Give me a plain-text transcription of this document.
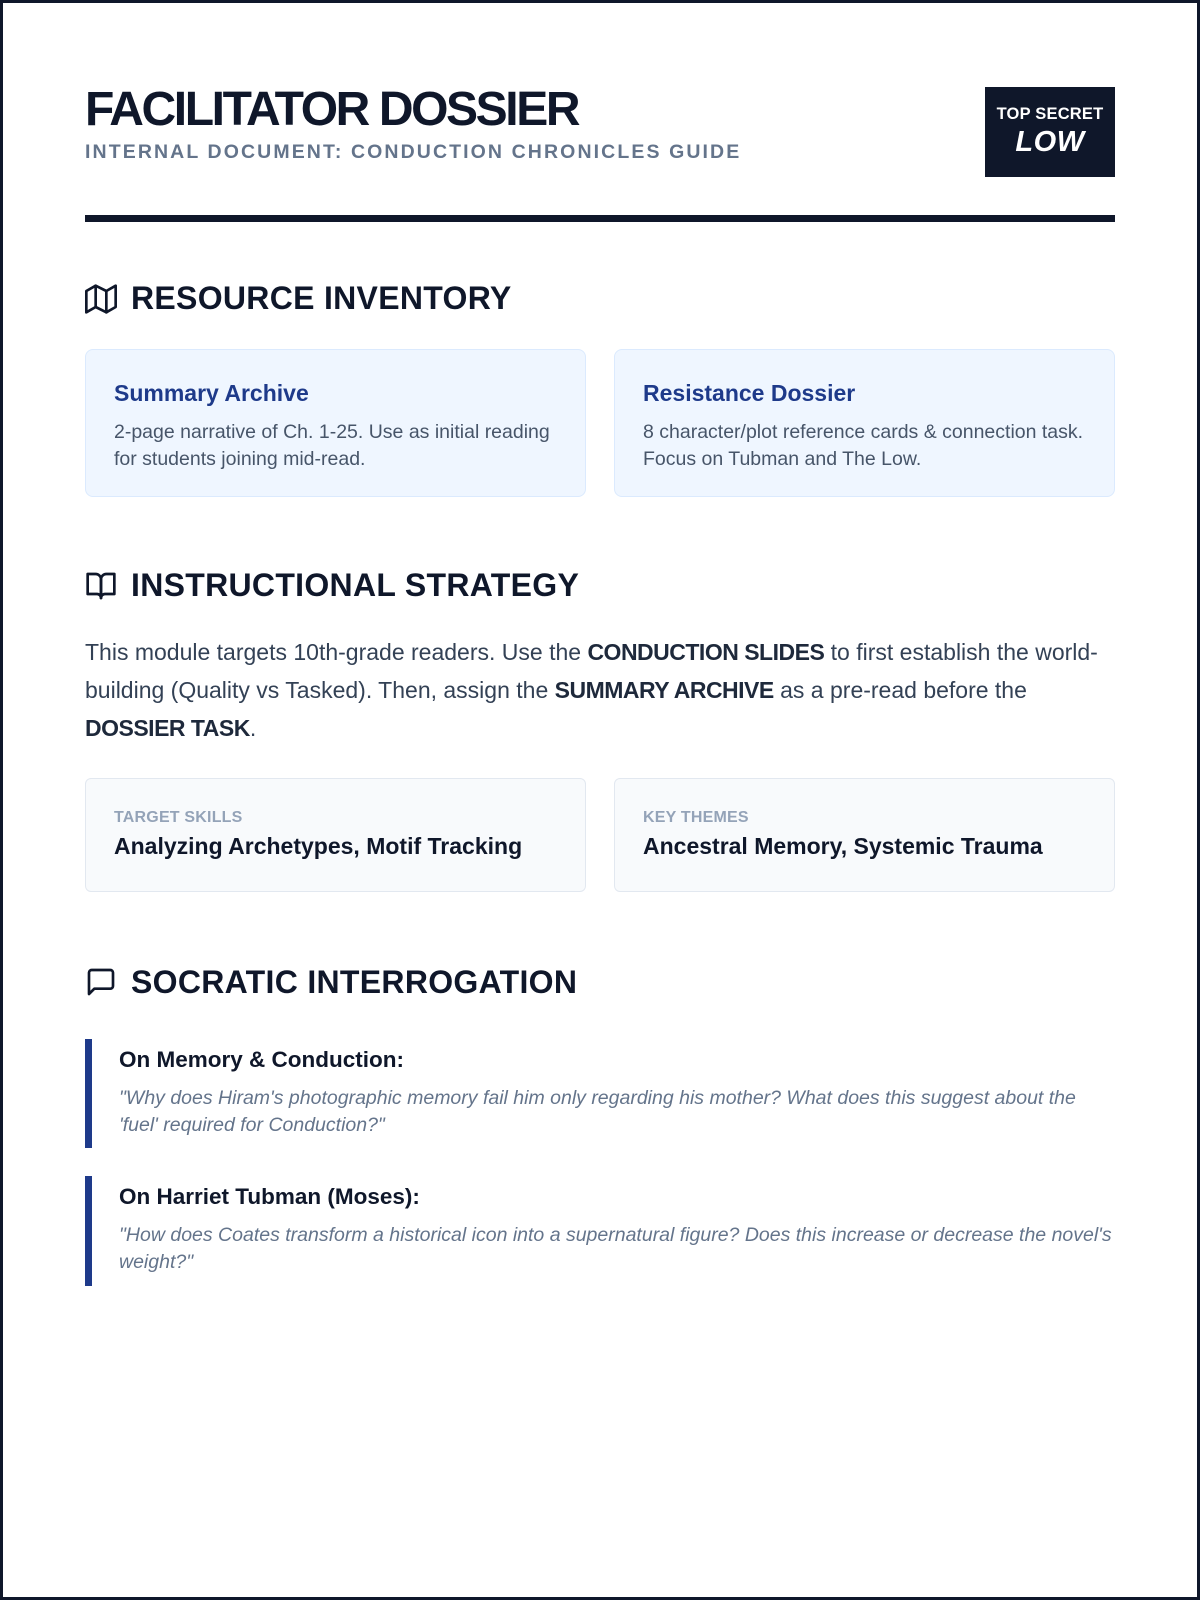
FACILITATOR DOSSIER
INTERNAL DOCUMENT: CONDUCTION CHRONICLES GUIDE
TOP SECRET
LOW
RESOURCE INVENTORY
Summary Archive
2-page narrative of Ch. 1-25. Use as initial reading for students joining mid-read.
Resistance Dossier
8 character/plot reference cards & connection task. Focus on Tubman and The Low.
INSTRUCTIONAL STRATEGY

This module targets 10th-grade readers. Use the CONDUCTION SLIDES to first establish the world-building (Quality vs Tasked). Then, assign the SUMMARY ARCHIVE as a pre-read before the DOSSIER TASK.

TARGET SKILLS
Analyzing Archetypes, Motif Tracking
KEY THEMES
Ancestral Memory, Systemic Trauma
SOCRATIC INTERROGATION
On Memory & Conduction:
"Why does Hiram's photographic memory fail him only regarding his mother? What does this suggest about the 'fuel' required for Conduction?"
On Harriet Tubman (Moses):
"How does Coates transform a historical icon into a supernatural figure? Does this increase or decrease the novel's weight?"
